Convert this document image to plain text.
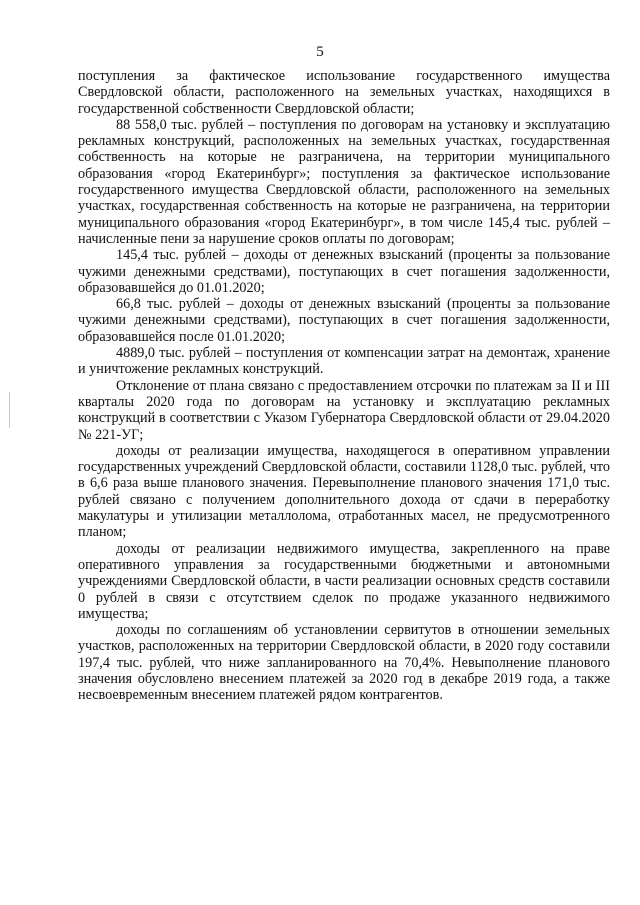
5

поступления за фактическое использование государственного имущества Свердловской области, расположенного на земельных участках, находящихся в государственной собственности Свердловской области;

88 558,0 тыс. рублей – поступления по договорам на установку и эксплуатацию рекламных конструкций, расположенных на земельных участках, государственная собственность на которые не разграничена, на территории муниципального образования «город Екатеринбург»; поступления за фактическое использование государственного имущества Свердловской области, расположенного на земельных участках, государственная собственность на которые не разграничена, на территории муниципального образования «город Екатеринбург», в том числе 145,4 тыс. рублей – начисленные пени за нарушение сроков оплаты по договорам;

145,4 тыс. рублей – доходы от денежных взысканий (проценты за пользование чужими денежными средствами), поступающих в счет погашения задолженности, образовавшейся до 01.01.2020;

66,8 тыс. рублей – доходы от денежных взысканий (проценты за пользование чужими денежными средствами), поступающих в счет погашения задолженности, образовавшейся после 01.01.2020;

4889,0 тыс. рублей – поступления от компенсации затрат на демонтаж, хранение и уничтожение рекламных конструкций.

Отклонение от плана связано с предоставлением отсрочки по платежам за II и III кварталы 2020 года по договорам на установку и эксплуатацию рекламных конструкций в соответствии с Указом Губернатора Свердловской области от 29.04.2020 № 221-УГ;

доходы от реализации имущества, находящегося в оперативном управлении государственных учреждений Свердловской области, составили 1128,0 тыс. рублей, что в 6,6 раза выше планового значения. Перевыполнение планового значения 171,0 тыс. рублей связано с получением дополнительного дохода от сдачи в переработку макулатуры и утилизации металлолома, отработанных масел, не предусмотренного планом;

доходы от реализации недвижимого имущества, закрепленного на праве оперативного управления за государственными бюджетными и автономными учреждениями Свердловской области, в части реализации основных средств составили 0 рублей в связи с отсутствием сделок по продаже указанного недвижимого имущества;

доходы по соглашениям об установлении сервитутов в отношении земельных участков, расположенных на территории Свердловской области, в 2020 году составили 197,4 тыс. рублей, что ниже запланированного на 70,4%. Невыполнение планового значения обусловлено внесением платежей за 2020 год в декабре 2019 года, а также несвоевременным внесением платежей рядом контрагентов.
